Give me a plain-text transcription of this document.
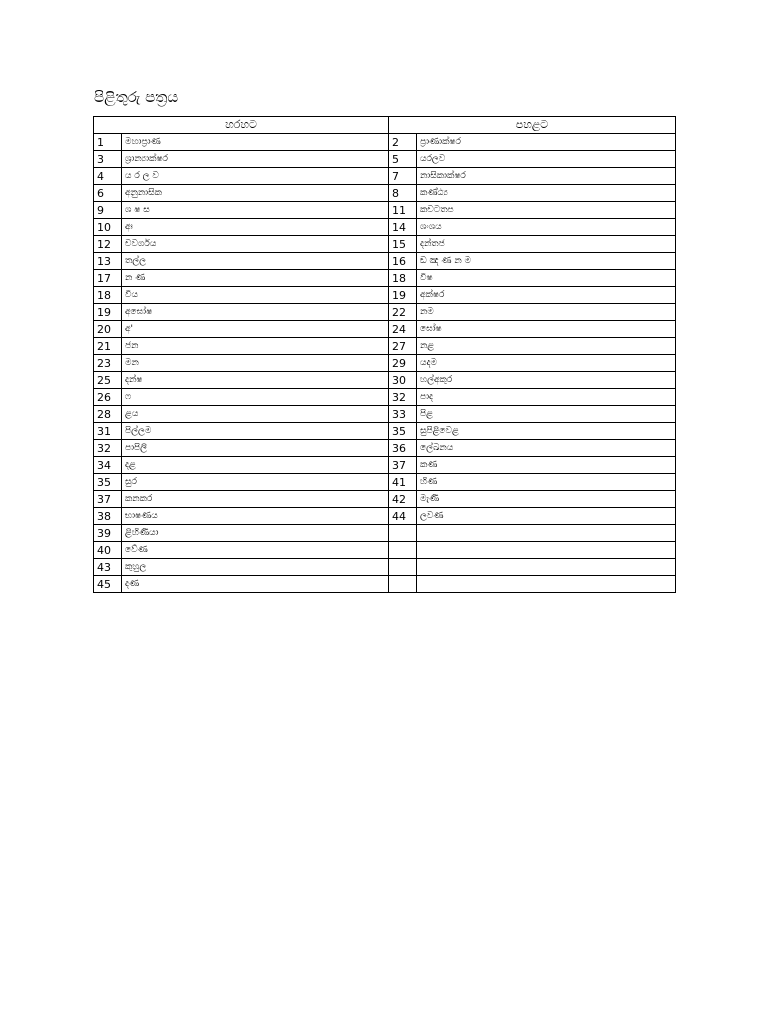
පිළිතුරු පත්‍රය
හරහට		පහළට	
1	මහාප්‍රාණ	2	ප්‍රාණාක්ෂර
3	ශ්‍රාන්‍යාක්ෂර	5	යරලව
4	ය ර ල ව	7	නාසිකාක්ෂර
6	අනුනාසික	8	කණ්ඨ්‍ය
9	ශ ෂ ස	11	කචටතප
10	අඃ	14	ශංශය
12	චවර්ගය	15	දන්තජ
13	තල්ල	16	ඞ ඤ ණ න ම
17	න ණ	18	විෂ
18	විය	19	අක්ෂර
19	අඝෝෂ	22	නම
20	අ'	24	ඝෝෂ
21	ජන	27	නළ
23	මන	29	යදම
25	දන්ෂ	30	හල්අකුර
26	ෆ	32	පාද
28	ළය	33	පිළ
31	පිල්ලම	35	සුපිළිවෙළ
32	පාපිලි	36	ලේඛනය
34	දළ	37	කණ
35	සුර	41	හිණ
37	කනකර	42	මැණි
38	භාෂණය	44	ලවණ
39	ළිහිණියා		
40	වේණ		
43	කුහුල		
45	දණ		
